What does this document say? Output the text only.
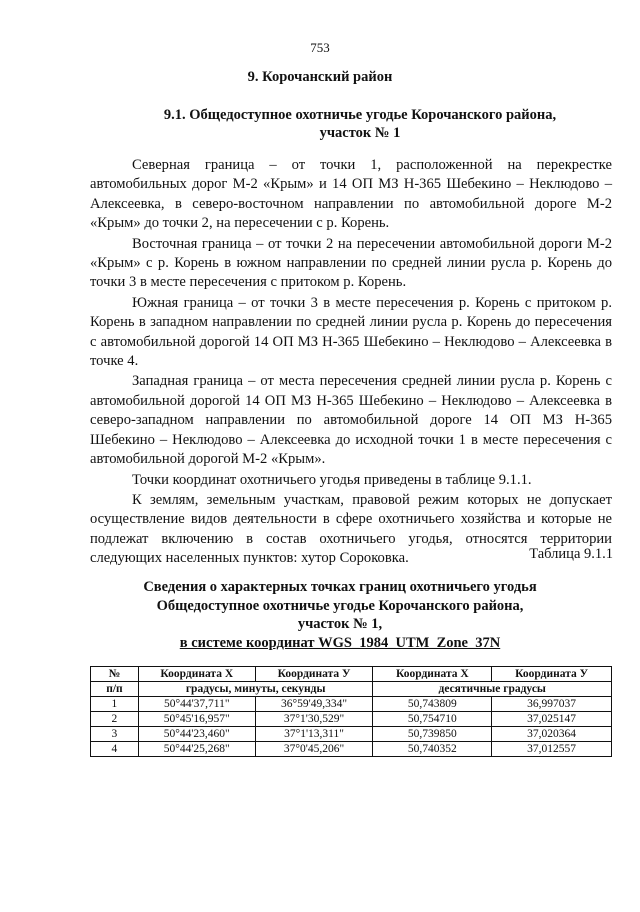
753
9. Корочанский район
9.1. Общедоступное охотничье угодье Корочанского района,
участок № 1

Северная граница – от точки 1, расположенной на перекрестке автомобильных дорог М-2 «Крым» и 14 ОП МЗ Н-365 Шебекино – Неклюдово – Алексеевка, в северо-восточном направлении по автомобильной дороге М-2 «Крым» до точки 2, на пересечении с р. Корень.

Восточная граница – от точки 2 на пересечении автомобильной дороги М-2 «Крым» с р. Корень в южном направлении по средней линии русла р. Корень до точки 3 в месте пересечения с притоком р. Корень.

Южная граница – от точки 3 в месте пересечения р. Корень с притоком р. Корень в западном направлении по средней линии русла р. Корень до пересечения с автомобильной дорогой 14 ОП МЗ Н-365 Шебекино – Неклюдово – Алексеевка в точке 4.

Западная граница – от места пересечения средней линии русла р. Корень с автомобильной дорогой 14 ОП МЗ Н-365 Шебекино – Неклюдово – Алексеевка в северо-западном направлении по автомобильной дороге 14 ОП МЗ Н-365 Шебекино – Неклюдово – Алексеевка до исходной точки 1 в месте пересечения с автомобильной дорогой М-2 «Крым».

Точки координат охотничьего угодья приведены в таблице 9.1.1.

К землям, земельным участкам, правовой режим которых не допускает осуществление видов деятельности в сфере охотничьего хозяйства и которые не подлежат включению в состав охотничьего угодья, относятся территории следующих населенных пунктов: хутор Сороковка.	Таблица 9.1.1
Сведения о характерных точках границ охотничьего угодья
Общедоступное охотничье угодье Корочанского района,
участок № 1,
в системе координат WGS_1984_UTM_Zone_37N
№	Координата X	Координата У	Координата X	Координата У
п/п	градусы, минуты, секунды		десятичные градусы	
1	50°44'37,711"	36°59'49,334"	50,743809	36,997037
2	50°45'16,957"	37°1'30,529"	50,754710	37,025147
3	50°44'23,460"	37°1'13,311"	50,739850	37,020364
4	50°44'25,268"	37°0'45,206"	50,740352	37,012557
